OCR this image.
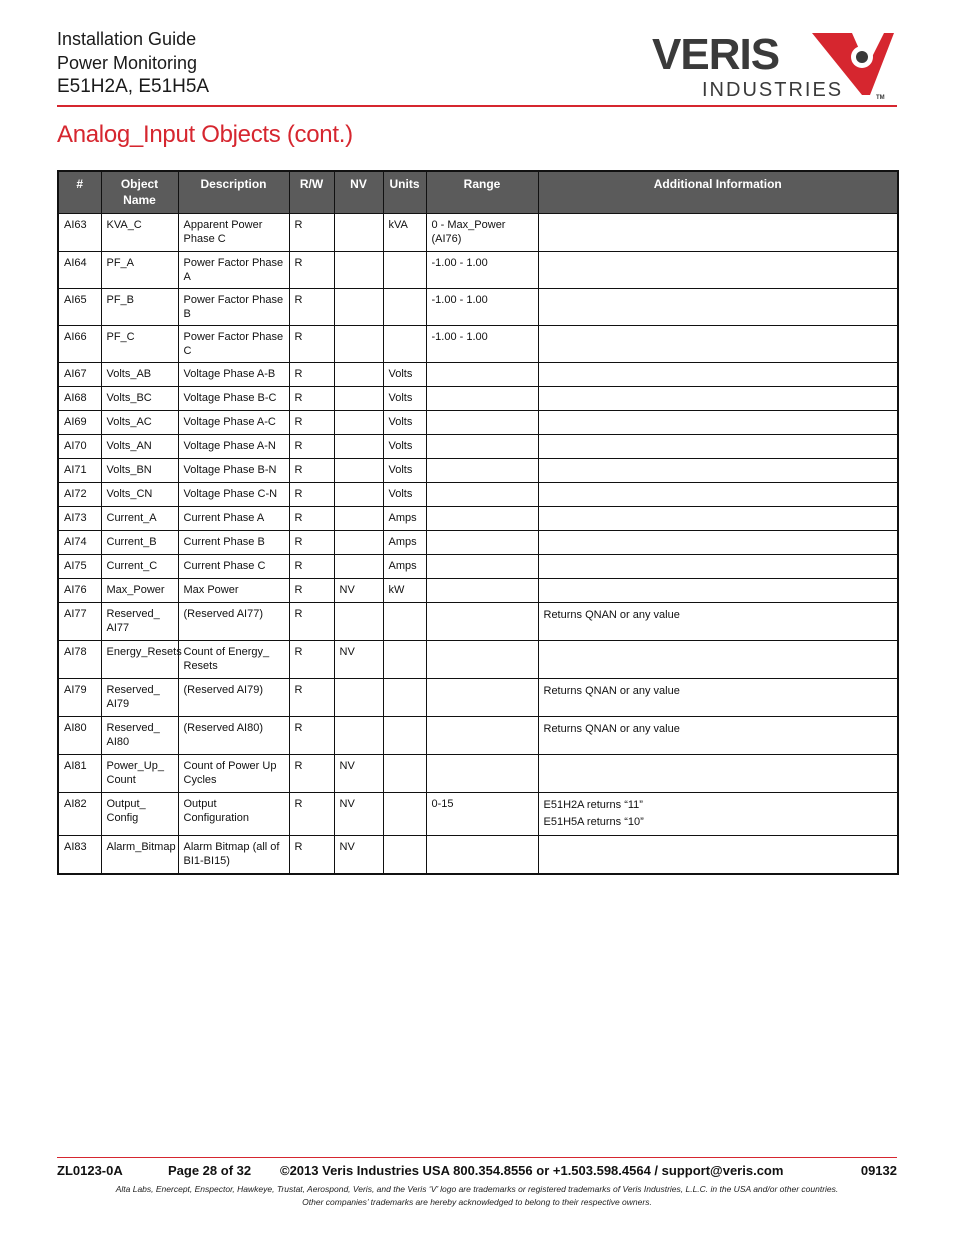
Installation Guide
Power Monitoring
E51H2A, E51H5A
VERIS
INDUSTRIES	TM
Analog_Input Objects (cont.)
#	Object Name	Description	R/W	NV	Units	Range	Additional Information
AI63	KVA_C	Apparent Power Phase C	R		kVA	0 - Max_Power (AI76)	
AI64	PF_A	Power Factor Phase A	R			-1.00 - 1.00	
AI65	PF_B	Power Factor Phase B	R			-1.00 - 1.00	
AI66	PF_C	Power Factor Phase C	R			-1.00 - 1.00	
AI67	Volts_AB	Voltage Phase A-B	R		Volts		
AI68	Volts_BC	Voltage Phase B-C	R		Volts		
AI69	Volts_AC	Voltage Phase A-C	R		Volts		
AI70	Volts_AN	Voltage Phase A-N	R		Volts		
AI71	Volts_BN	Voltage Phase B-N	R		Volts		
AI72	Volts_CN	Voltage Phase C-N	R		Volts		
AI73	Current_A	Current Phase A	R		Amps		
AI74	Current_B	Current Phase B	R		Amps		
AI75	Current_C	Current Phase C	R		Amps		
AI76	Max_Power	Max Power	R	NV	kW		
AI77	Reserved_ AI77	(Reserved AI77)	R				Returns QNAN or any value
AI78	Energy_Resets	Count of Energy_ Resets	R	NV			
AI79	Reserved_ AI79	(Reserved AI79)	R				Returns QNAN or any value
AI80	Reserved_ AI80	(Reserved AI80)	R				Returns QNAN or any value
AI81	Power_Up_ Count	Count of Power Up Cycles	R	NV			
AI82	Output_ Config	Output Configuration	R	NV		0-15	E51H2A returns “11”
E51H5A returns “10”
AI83	Alarm_Bitmap	Alarm Bitmap (all of BI1-BI15)	R	NV			
ZL0123-0A	Page 28 of 32 ©2013 Veris Industries USA 800.354.8556 or +1.503.598.4564 / support@veris.com	09132
Alta Labs, Enercept, Enspector, Hawkeye, Trustat, Aerospond, Veris, and the Veris ‘V’ logo are trademarks or registered trademarks of Veris Industries, L.L.C. in the USA and/or other countries.
Other companies’ trademarks are hereby acknowledged to belong to their respective owners.
